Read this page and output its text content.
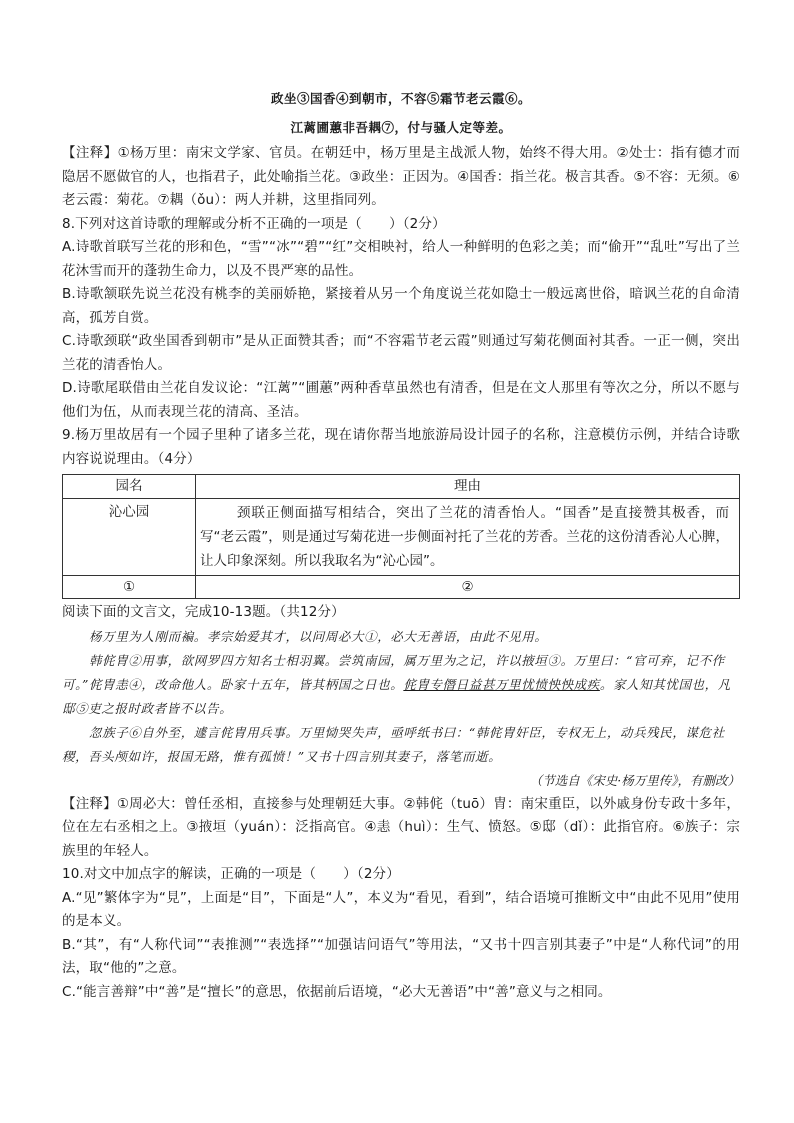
政坐③国香④到朝市，不容⑤霜节老云霞⑥。
江蓠圃蕙非吾耦⑦，付与骚人定等差。

【注释】①杨万里：南宋文学家、官员。在朝廷中，杨万里是主战派人物，始终不得大用。②处士：指有德才而隐居不愿做官的人，也指君子，此处喻指兰花。③政坐：正因为。④国香：指兰花。极言其香。⑤不容：无须。⑥老云霞：菊花。⑦耦（ǒu）：两人并耕，这里指同列。

8.下列对这首诗歌的理解或分析不正确的一项是（　　）（2分）

A.诗歌首联写兰花的形和色，“雪”“冰”“碧”“红”交相映衬，给人一种鲜明的色彩之美；而“偷开”“乱吐”写出了兰花沐雪而开的蓬勃生命力，以及不畏严寒的品性。

B.诗歌颔联先说兰花没有桃李的美丽娇艳，紧接着从另一个角度说兰花如隐士一般远离世俗，暗讽兰花的自命清高，孤芳自赏。

C.诗歌颈联“政坐国香到朝市”是从正面赞其香；而“不容霜节老云霞”则通过写菊花侧面衬其香。一正一侧，突出兰花的清香怡人。

D.诗歌尾联借由兰花自发议论：“江蓠”“圃蕙”两种香草虽然也有清香，但是在文人那里有等次之分，所以不愿与他们为伍，从而表现兰花的清高、圣洁。

9.杨万里故居有一个园子里种了诸多兰花，现在请你帮当地旅游局设计园子的名称，注意模仿示例，并结合诗歌内容说说理由。（4分）

园名	理由
沁心园	颈联正侧面描写相结合，突出了兰花的清香怡人。“国香”是直接赞其极香，而写“老云霞”，则是通过写菊花进一步侧面衬托了兰花的芳香。兰花的这份清香沁人心脾，让人印象深刻。所以我取名为“沁心园”。
①	②

阅读下面的文言文，完成10-13题。（共12分）

杨万里为人刚而褊。孝宗始爱其才，以问周必大①，必大无善语，由此不见用。

韩侂胄②用事，欲网罗四方知名士相羽翼。尝筑南园，属万里为之记，许以掖垣③。万里曰：“官可弃，记不作可。”侂胄恚④，改命他人。卧家十五年，皆其柄国之日也。侂胄专僭日益甚万里忧愤怏怏成疾。家人知其忧国也，凡邸⑤吏之报时政者皆不以告。

忽族子⑥自外至，遽言侂胄用兵事。万里恸哭失声，亟呼纸书曰：“韩侂胄奸臣，专权无上，动兵残民，谋危社稷，吾头颅如许，报国无路，惟有孤愤！”又书十四言别其妻子，落笔而逝。

（节选自《宋史·杨万里传》，有删改）

【注释】①周必大：曾任丞相，直接参与处理朝廷大事。②韩侂（tuō）胄：南宋重臣，以外戚身份专政十多年，位在左右丞相之上。③掖垣（yuán）：泛指高官。④恚（huì）：生气、愤怒。⑤邸（dǐ）：此指官府。⑥族子：宗族里的年轻人。

10.对文中加点字的解读，正确的一项是（　　）（2分）

A.“见”繁体字为“見”，上面是“目”，下面是“人”，本义为“看见，看到”，结合语境可推断文中“由此不见用”使用的是本义。

B.“其”，有“人称代词”“表推测”“表选择”“加强诘问语气”等用法，“又书十四言别其妻子”中是“人称代词”的用法，取“他的”之意。

C.“能言善辩”中“善”是“擅长”的意思，依据前后语境，“必大无善语”中“善”意义与之相同。
